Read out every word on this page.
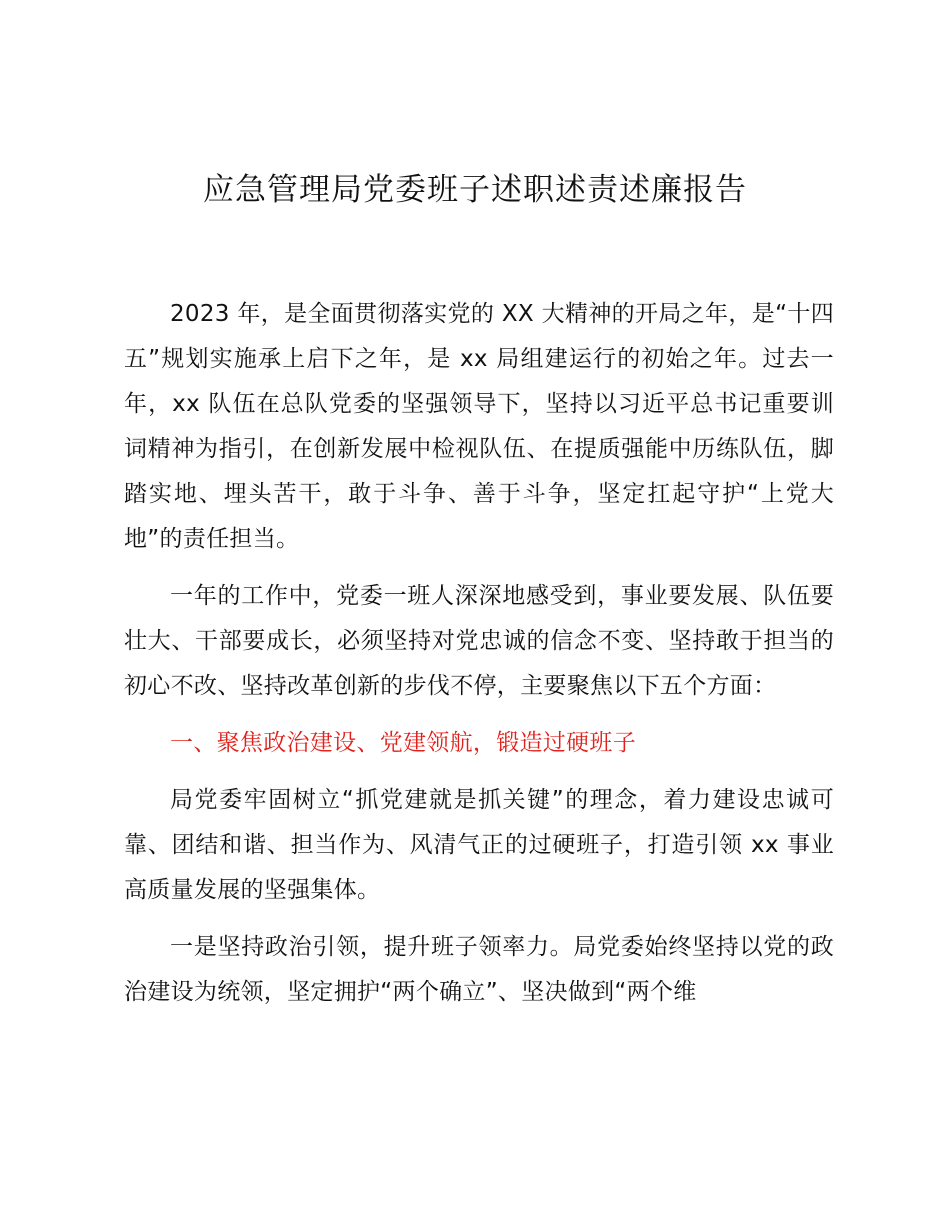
应急管理局党委班子述职述责述廉报告

2023 年，是全面贯彻落实党的 XX 大精神的开局之年，是“十四五”规划实施承上启下之年，是 xx 局组建运行的初始之年。过去一年，xx 队伍在总队党委的坚强领导下，坚持以习近平总书记重要训词精神为指引，在创新发展中检视队伍、在提质强能中历练队伍，脚踏实地、埋头苦干，敢于斗争、善于斗争，坚定扛起守护“上党大地”的责任担当。

一年的工作中，党委一班人深深地感受到，事业要发展、队伍要壮大、干部要成长，必须坚持对党忠诚的信念不变、坚持敢于担当的初心不改、坚持改革创新的步伐不停，主要聚焦以下五个方面：

一、聚焦政治建设、党建领航，锻造过硬班子

局党委牢固树立“抓党建就是抓关键”的理念，着力建设忠诚可靠、团结和谐、担当作为、风清气正的过硬班子，打造引领 xx 事业高质量发展的坚强集体。

一是坚持政治引领，提升班子领率力。局党委始终坚持以党的政治建设为统领，坚定拥护“两个确立”、坚决做到“两个维
